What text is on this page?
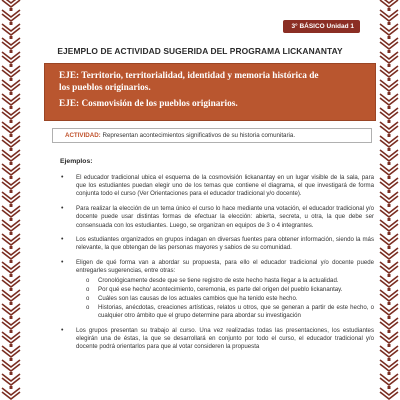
3° BÁSICO Unidad 1
EJEMPLO DE ACTIVIDAD SUGERIDA DEL PROGRAMA LICKANANTAY
EJE: Territorio, territorialidad, identidad y memoria histórica de
los pueblos originarios.
EJE: Cosmovisión de los pueblos originarios.
ACTIVIDAD: Representan acontecimientos significativos de su historia comunitaria.
Ejemplos:
• El educador tradicional ubica el esquema de la cosmovisión lickanantay en un lugar visible de la sala, para que los estudiantes puedan elegir uno de los temas que contiene el diagrama, el que investigará de forma conjunta todo el curso (Ver Orientaciones para el educador tradicional y/o docente).
• Para realizar la elección de un tema único el curso lo hace mediante una votación, el educador tradicional y/o docente puede usar distintas formas de efectuar la elección: abierta, secreta, u otra, la que debe ser consensuada con los estudiantes. Luego, se organizan en equipos de 3 o 4 integrantes.
• Los estudiantes organizados en grupos indagan en diversas fuentes para obtener información, siendo la más relevante, la que obtengan de las personas mayores y sabios de su comunidad.
• Eligen de qué forma van a abordar su propuesta, para ello el educador tradicional y/o docente puede entregarles sugerencias, entre otras:
o Cronológicamente desde que se tiene registro de este hecho hasta llegar a la actualidad.
o Por qué ese hecho/ acontecimiento, ceremonia, es parte del origen del pueblo lickanantay.
o Cuáles son las causas de los actuales cambios que ha tenido este hecho.
o Historias, anécdotas, creaciones artísticas, relatos u otros, que se generan a partir de este hecho, o cualquier otro ámbito que el grupo determine para abordar su investigación
• Los grupos presentan su trabajo al curso. Una vez realizadas todas las presentaciones, los estudiantes elegirán una de éstas, la que se desarrollará en conjunto por todo el curso, el educador tradicional y/o docente podrá orientarlos para que al votar consideren la propuesta
